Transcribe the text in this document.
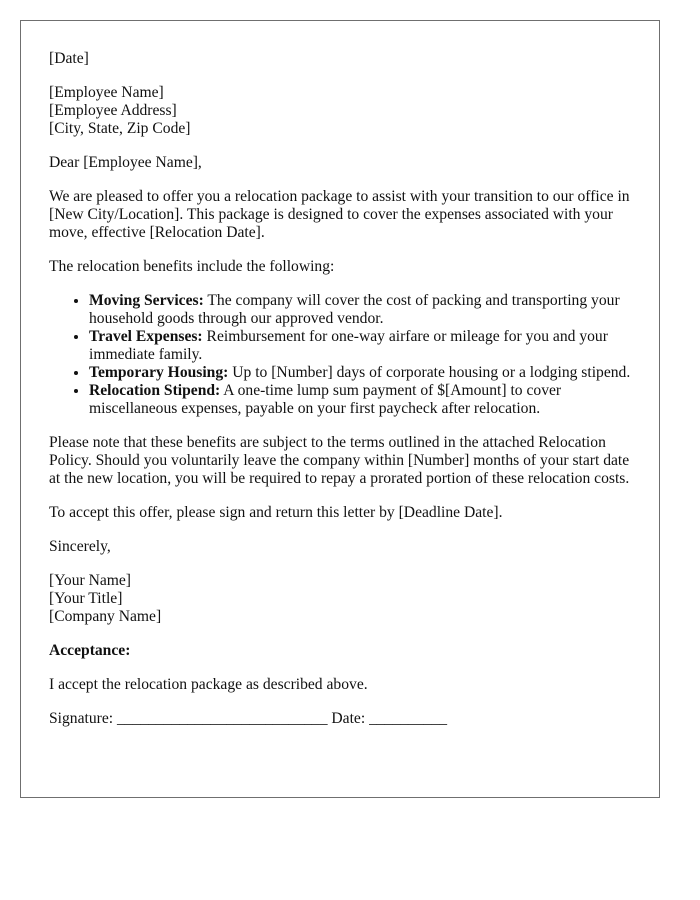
[Date]

[Employee Name]
[Employee Address]
[City, State, Zip Code]

Dear [Employee Name],

We are pleased to offer you a relocation package to assist with your transition to our office in [New City/Location]. This package is designed to cover the expenses associated with your move, effective [Relocation Date].

The relocation benefits include the following:

• Moving Services: The company will cover the cost of packing and transporting your household goods through our approved vendor.
• Travel Expenses: Reimbursement for one-way airfare or mileage for you and your immediate family.
• Temporary Housing: Up to [Number] days of corporate housing or a lodging stipend.
• Relocation Stipend: A one-time lump sum payment of $[Amount] to cover miscellaneous expenses, payable on your first paycheck after relocation.

Please note that these benefits are subject to the terms outlined in the attached Relocation Policy. Should you voluntarily leave the company within [Number] months of your start date at the new location, you will be required to repay a prorated portion of these relocation costs.

To accept this offer, please sign and return this letter by [Deadline Date].

Sincerely,

[Your Name]
[Your Title]
[Company Name]

Acceptance:

I accept the relocation package as described above.

Signature: ___________________________ Date: __________
